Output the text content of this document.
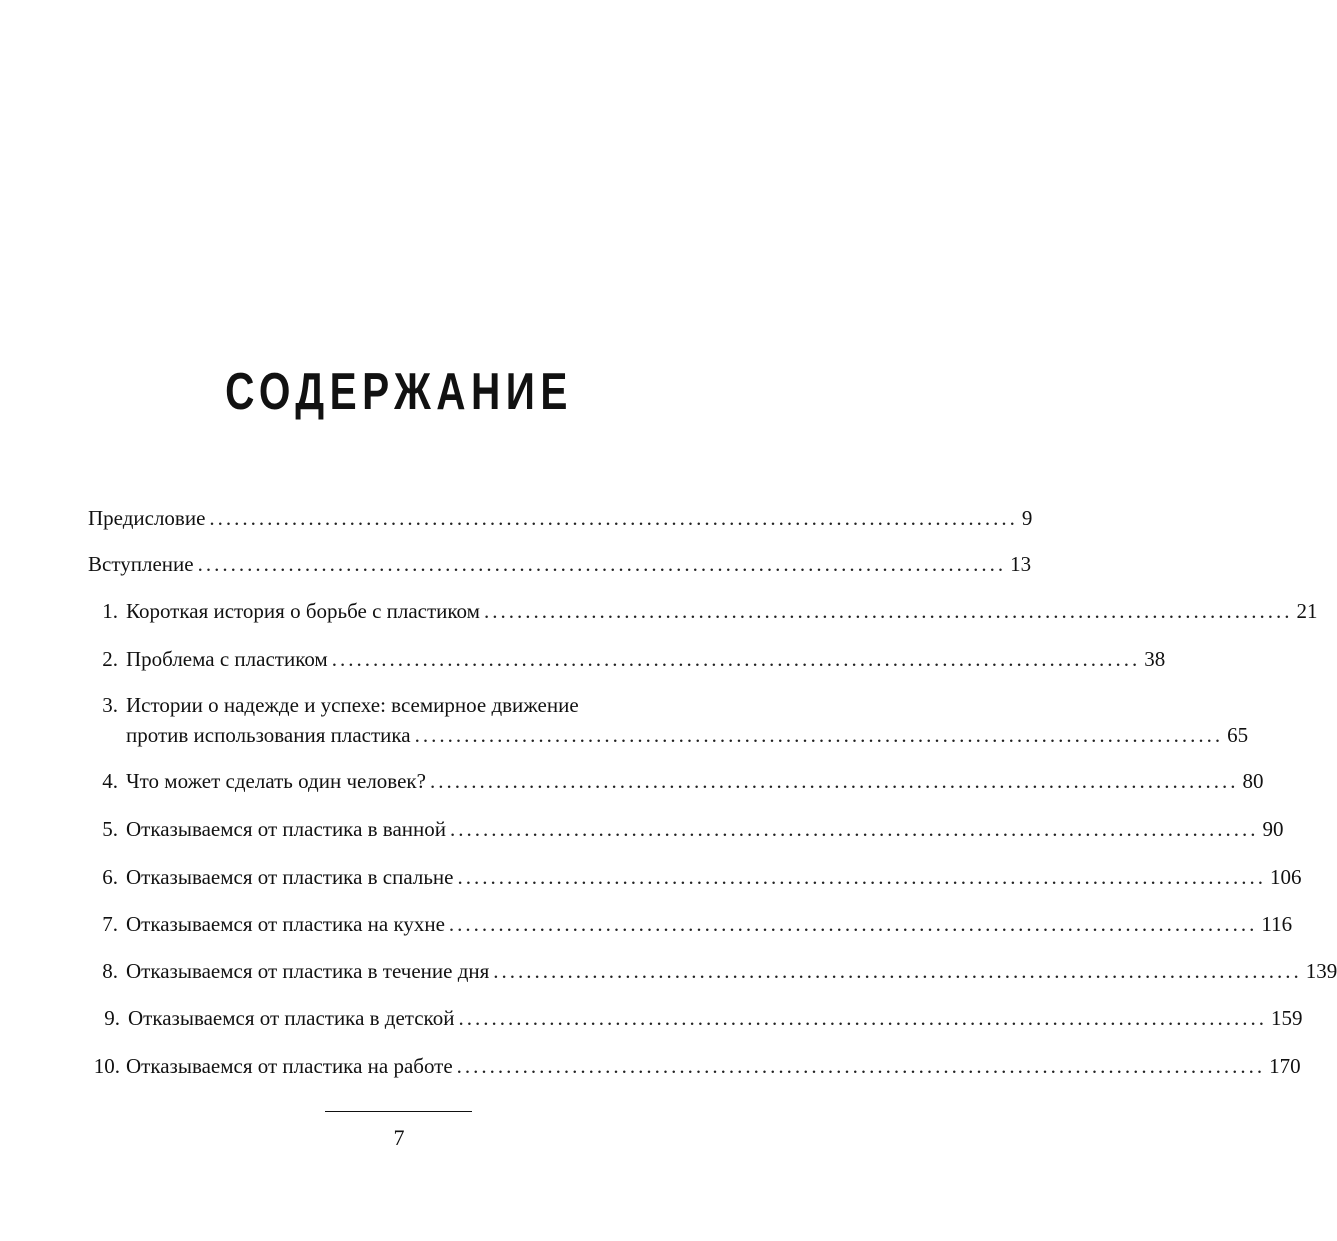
СОДЕРЖАНИЕ
Предисловие .................................................................................................. 9
Вступление .................................................................................................. 13
1. Короткая история о борьбе с пластиком .................................................................................................. 21
2. Проблема с пластиком .................................................................................................. 38
3. Истории о надежде и успехе: всемирное движение
против использования пластика .................................................................................................. 65
4. Что может сделать один человек? .................................................................................................. 80
5. Отказываемся от пластика в ванной .................................................................................................. 90
6. Отказываемся от пластика в спальне .................................................................................................. 106
7. Отказываемся от пластика на кухне .................................................................................................. 116
8. Отказываемся от пластика в течение дня .................................................................................................. 139
9. Отказываемся от пластика в детской .................................................................................................. 159
10. Отказываемся от пластика на работе .................................................................................................. 170
7
